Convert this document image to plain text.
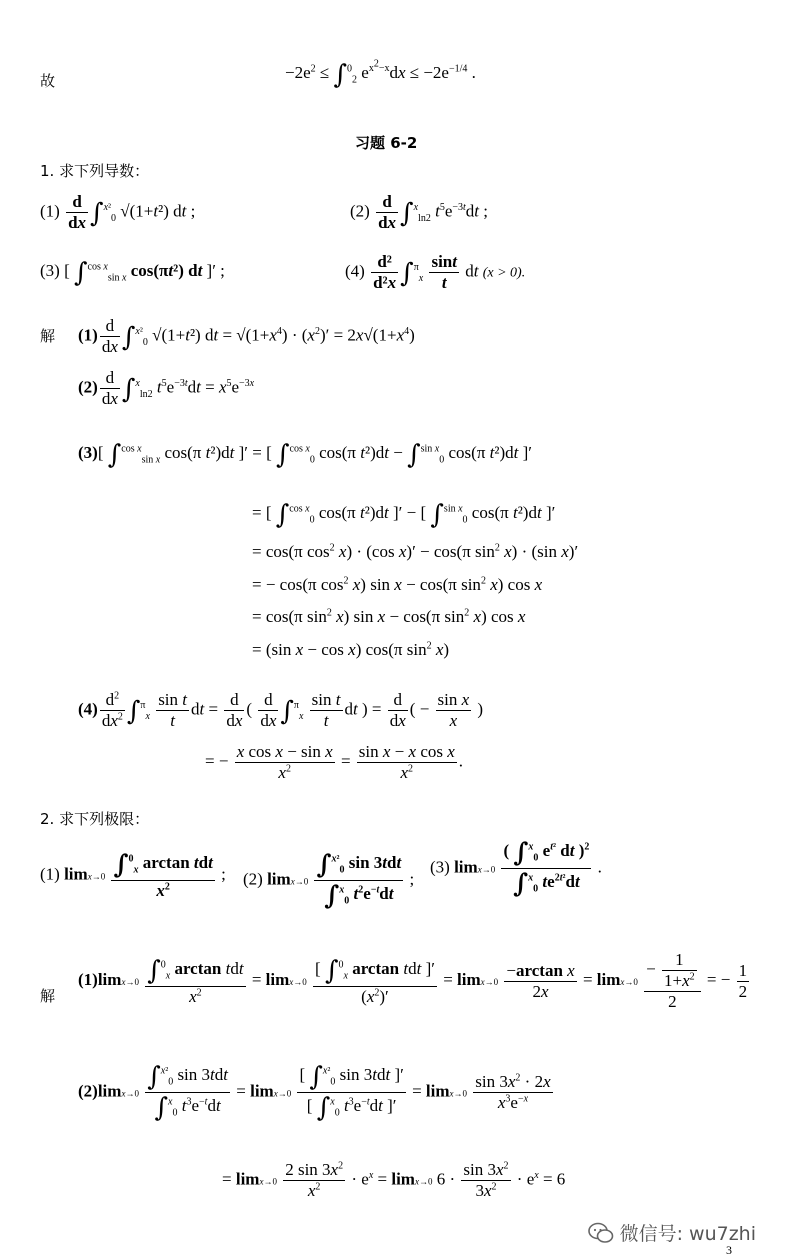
故	$-2e^2 \le \int^0_2$ $e^{x^2-x}dx \le -2e^{-1/4}$ .
习题 6-2
1. 求下列导数：
$(1) \frac{d}{dx} \int^{x^2}_0$ √(1+t²) dt ;	$(2) \frac{d}{dx} \int^x_{ln2}$ $t^5e^{-3t}dt$ ;
(3) [ ∫$^{cos x}_{sin x}$ cos(πt²) dt ]′ ;	$(4) \frac{\text{d²}}{\text{d²x}} \int^\pi_x \frac{\sin t}{t}$ dt (x > 0).
解 $(1) \frac{d}{dx} \int^{x^2}_0$ √(1+t²) dt = $√(1+x^4) \cdot (x^2)' = 2x√(1+x^4)$
$(2) \frac{d}{dx} \int^x_{ln2}$ $t^5e^{-3t}dt = x^5e^{-3x}$
(3)[ ∫$^{cos x}_{sin x}$ cos(π t²)dt ]′ = [ ∫$^{cos x}_0$ cos(π t²)dt − ∫$^{sin x}_0$ cos(π t²)dt ]′
= [ ∫$^{cos x}_0$ cos(π t²)dt ]′ − [ ∫$^{sin x}_0$ cos(π t²)dt ]′
= cos(π $\cos^2 x) \cdot (\cos$ x)′ − cos(π $\sin^2 x) \cdot (\sin$ x)′
= − cos(π $\cos^2 x$) sin x − cos(π $\sin^2 x$) cos x
= cos(π $\sin^2 x$) sin x − cos(π $\sin^2 x$) cos x
= (sin x − cos x) cos(π $\sin^2 x$)
$(4) \frac{d^2}{dx^2} \int^\pi_x \frac{\text{sin t}}{t}$ dt = $\frac{d}{dx}$ ( $\frac{d}{dx} \int^\pi_x \frac{\text{sin t}}{t}$ dt ) = $\frac{d}{dx}$ ( − $\frac{\text{sin x}}{x}$ )
= − $\frac{\text{x cos x − sin x}}{x^2} = \frac{\text{sin x − x cos x}}{x^2}$ .
2. 求下列极限：
(1) $\lim x\to 0 \frac{\int^0_x \arctan tdt}{x^2}$ ; (2) $\lim x\to 0 \frac{\int^{x^2}_0 \sin 3tdt}{\int^x_0 t^2e^{-t}dt}$ ;
(3) $\lim x\to 0 \frac{( \int^x_0 e^{t^2} dt )^2}{\int^x_0 te^{2t^2}dt}$ .
解
$(1)\lim x\to 0 \frac{\int^0_x \arctan tdt}{x^2} = \lim x\to 0 \frac{[ \int^0_x \arctan tdt ]'}{(x^2)'} = \lim x\to 0 \frac{\text{−arctan x}}{2x} = \lim x\to 0 \frac{- \frac{1}{1+x^2}}{2}$ = − $\frac{1}{2}$
$(2)\lim x\to 0 \frac{\int^{x^2}_0 \sin 3tdt}{\int^x_0 t^3e^{-t}dt} = \lim x\to 0 \frac{[ \int^{x^2}_0 \sin 3tdt ]'}{[ \int^x_0 t^3e^{-t}dt ]'} = \lim x\to 0 \frac{\sin 3x^2 \cdot 2x}{x^3e^{-x}}$
= $\lim x\to 0 \frac{2 \sin 3x^2}{x^2} \cdot e^x = \lim x\to 0$ $6 \cdot \frac{\sin 3x^2}{3x^2} \cdot e^x = 6$
微信号: wu7zhi
3
